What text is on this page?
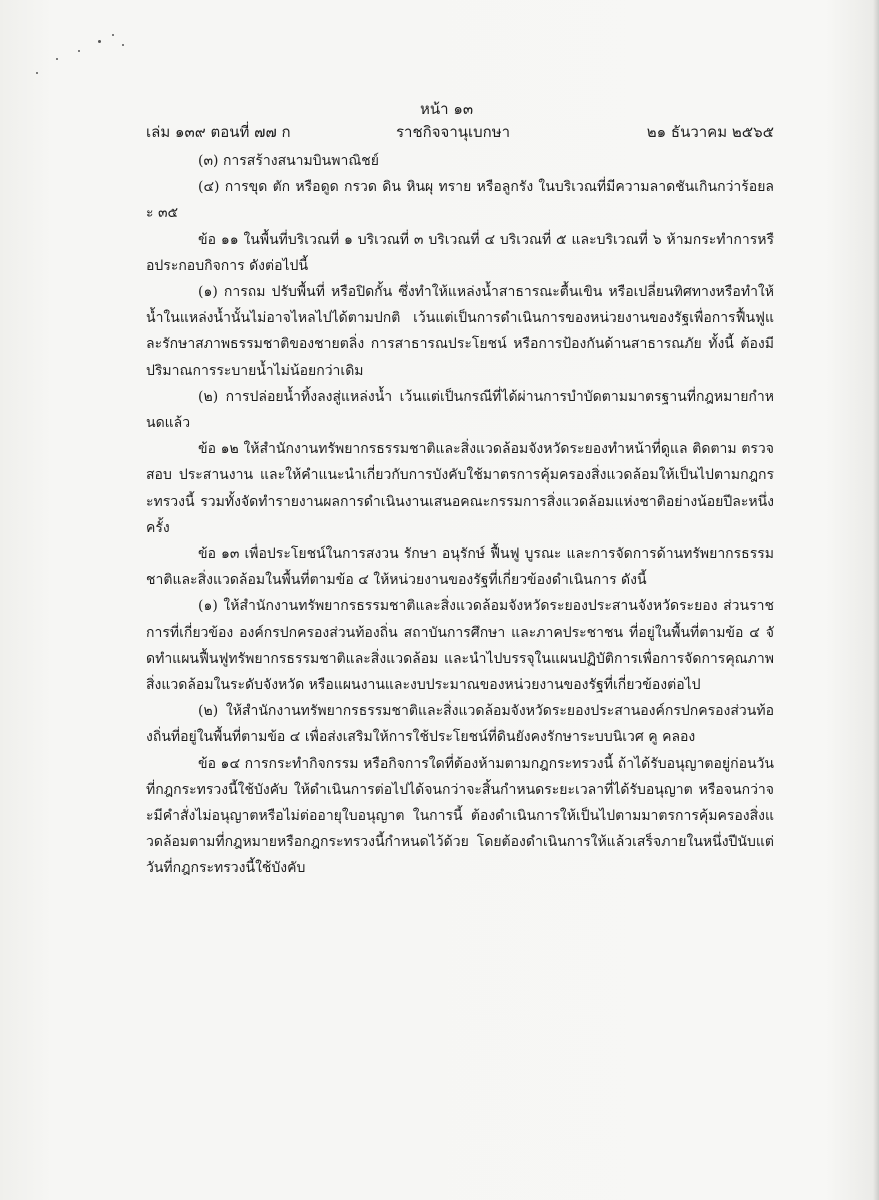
หน้า ๑๓
เล่ม ๑๓๙ ตอนที่ ๗๗ ก	ราชกิจจานุเบกษา	๒๑ ธันวาคม ๒๕๖๕

(๓) การสร้างสนามบินพาณิชย์

(๔) การขุด ตัก หรือดูด กรวด ดิน หินผุ ทราย หรือลูกรัง ในบริเวณที่มีความลาดชันเกินกว่าร้อยละ ๓๕

ข้อ ๑๑ ในพื้นที่บริเวณที่ ๑ บริเวณที่ ๓ บริเวณที่ ๔ บริเวณที่ ๕ และบริเวณที่ ๖ ห้ามกระทำการหรือประกอบกิจการ ดังต่อไปนี้

(๑) การถม ปรับพื้นที่ หรือปิดกั้น ซึ่งทำให้แหล่งน้ำสาธารณะตื้นเขิน หรือเปลี่ยนทิศทางหรือทำให้น้ำในแหล่งน้ำนั้นไม่อาจไหลไปได้ตามปกติ เว้นแต่เป็นการดำเนินการของหน่วยงานของรัฐเพื่อการฟื้นฟูและรักษาสภาพธรรมชาติของชายตลิ่ง การสาธารณประโยชน์ หรือการป้องกันด้านสาธารณภัย ทั้งนี้ ต้องมีปริมาณการระบายน้ำไม่น้อยกว่าเดิม

(๒) การปล่อยน้ำทิ้งลงสู่แหล่งน้ำ เว้นแต่เป็นกรณีที่ได้ผ่านการบำบัดตามมาตรฐานที่กฎหมายกำหนดแล้ว

ข้อ ๑๒ ให้สำนักงานทรัพยากรธรรมชาติและสิ่งแวดล้อมจังหวัดระยองทำหน้าที่ดูแล ติดตาม ตรวจสอบ ประสานงาน และให้คำแนะนำเกี่ยวกับการบังคับใช้มาตรการคุ้มครองสิ่งแวดล้อมให้เป็นไปตามกฎกระทรวงนี้ รวมทั้งจัดทำรายงานผลการดำเนินงานเสนอคณะกรรมการสิ่งแวดล้อมแห่งชาติอย่างน้อยปีละหนึ่งครั้ง

ข้อ ๑๓ เพื่อประโยชน์ในการสงวน รักษา อนุรักษ์ ฟื้นฟู บูรณะ และการจัดการด้านทรัพยากรธรรมชาติและสิ่งแวดล้อมในพื้นที่ตามข้อ ๔ ให้หน่วยงานของรัฐที่เกี่ยวข้องดำเนินการ ดังนี้

(๑) ให้สำนักงานทรัพยากรธรรมชาติและสิ่งแวดล้อมจังหวัดระยองประสานจังหวัดระยอง ส่วนราชการที่เกี่ยวข้อง องค์กรปกครองส่วนท้องถิ่น สถาบันการศึกษา และภาคประชาชน ที่อยู่ในพื้นที่ตามข้อ ๔ จัดทำแผนฟื้นฟูทรัพยากรธรรมชาติและสิ่งแวดล้อม และนำไปบรรจุในแผนปฏิบัติการเพื่อการจัดการคุณภาพสิ่งแวดล้อมในระดับจังหวัด หรือแผนงานและงบประมาณของหน่วยงานของรัฐที่เกี่ยวข้องต่อไป

(๒) ให้สำนักงานทรัพยากรธรรมชาติและสิ่งแวดล้อมจังหวัดระยองประสานองค์กรปกครองส่วนท้องถิ่นที่อยู่ในพื้นที่ตามข้อ ๔ เพื่อส่งเสริมให้การใช้ประโยชน์ที่ดินยังคงรักษาระบบนิเวศ คู คลอง

ข้อ ๑๔ การกระทำกิจกรรม หรือกิจการใดที่ต้องห้ามตามกฎกระทรวงนี้ ถ้าได้รับอนุญาตอยู่ก่อนวันที่กฎกระทรวงนี้ใช้บังคับ ให้ดำเนินการต่อไปได้จนกว่าจะสิ้นกำหนดระยะเวลาที่ได้รับอนุญาต หรือจนกว่าจะมีคำสั่งไม่อนุญาตหรือไม่ต่ออายุใบอนุญาต ในการนี้ ต้องดำเนินการให้เป็นไปตามมาตรการคุ้มครองสิ่งแวดล้อมตามที่กฎหมายหรือกฎกระทรวงนี้กำหนดไว้ด้วย โดยต้องดำเนินการให้แล้วเสร็จภายในหนึ่งปีนับแต่วันที่กฎกระทรวงนี้ใช้บังคับ
